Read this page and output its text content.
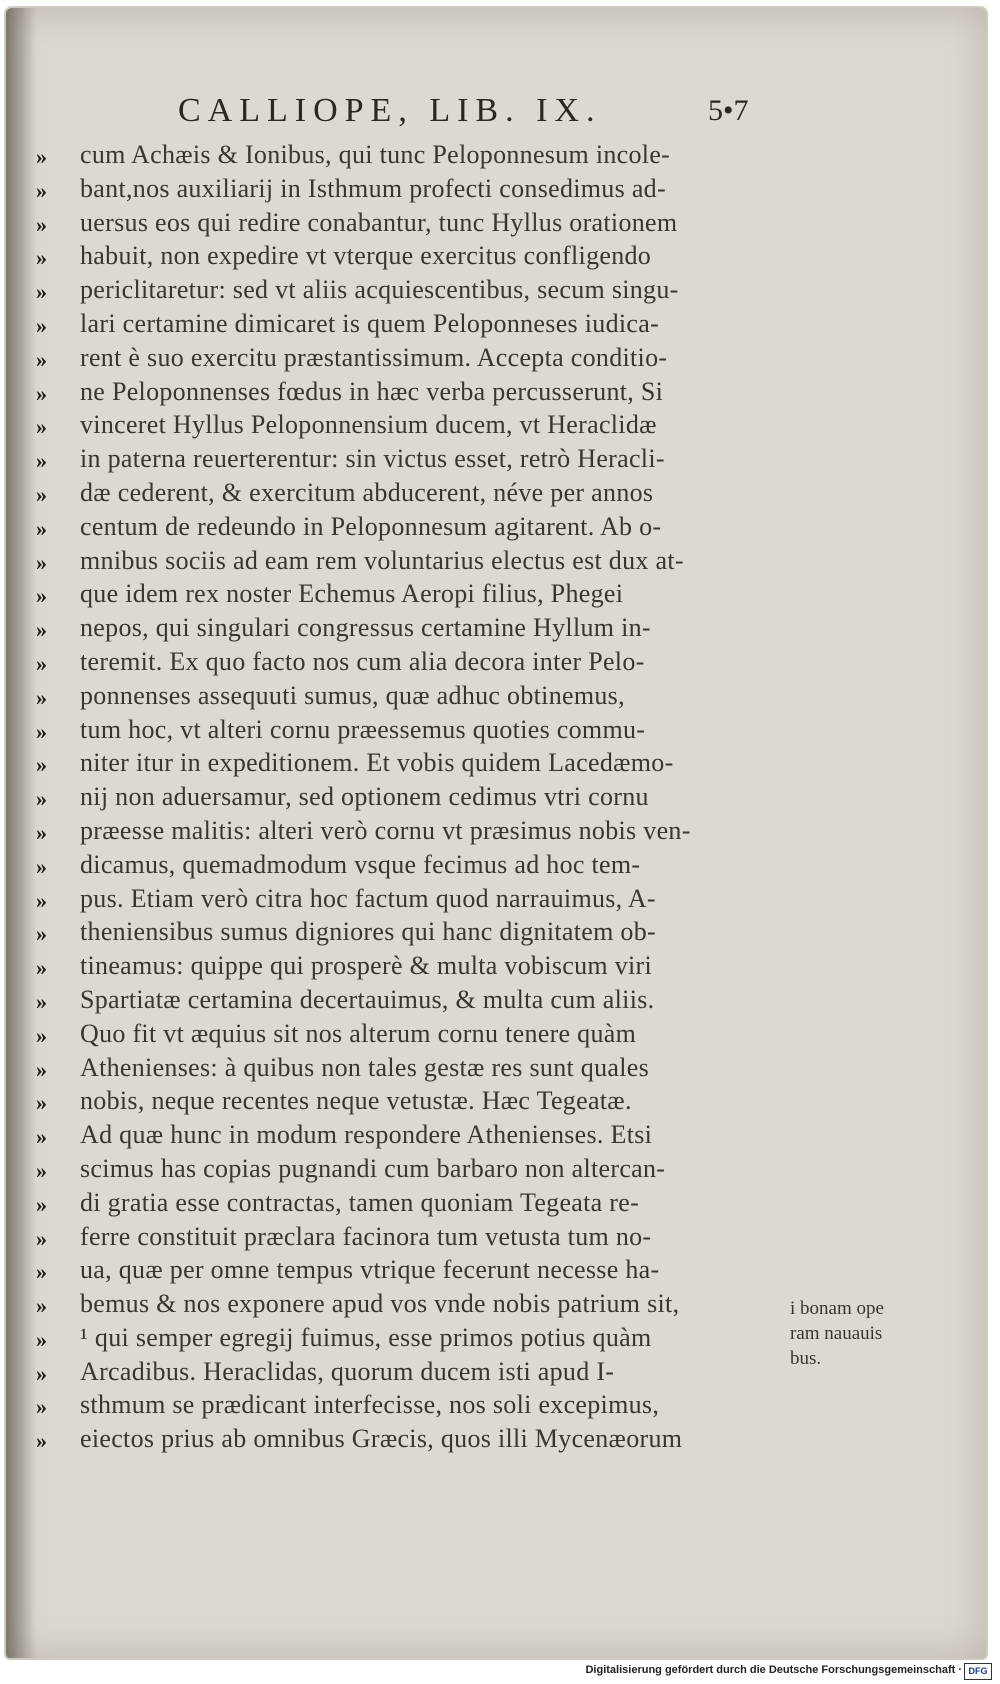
CALLIOPE, LIB. IX.	5•7
»	cum Achæis & Ionibus, qui tunc Peloponnesum incole-
»	bant,nos auxiliarij in Isthmum profecti consedimus ad-
»	uersus eos qui redire conabantur, tunc Hyllus orationem
»	habuit, non expedire vt vterque exercitus confligendo
»	periclitaretur: sed vt aliis acquiescentibus, secum singu-
»	lari certamine dimicaret is quem Peloponneses iudica-
»	rent è suo exercitu præstantissimum. Accepta conditio-
»	ne Peloponnenses fœdus in hæc verba percusserunt, Si
»	vinceret Hyllus Peloponnensium ducem, vt Heraclidæ
»	in paterna reuerterentur: sin victus esset, retrò Heracli-
»	dæ cederent, & exercitum abducerent, néve per annos
»	centum de redeundo in Peloponnesum agitarent. Ab o-
»	mnibus sociis ad eam rem voluntarius electus est dux at-
»	que idem rex noster Echemus Aeropi filius, Phegei
»	nepos, qui singulari congressus certamine Hyllum in-
»	teremit. Ex quo facto nos cum alia decora inter Pelo-
»	ponnenses assequuti sumus, quæ adhuc obtinemus,
»	tum hoc, vt alteri cornu præessemus quoties commu-
»	niter itur in expeditionem. Et vobis quidem Lacedæmo-
»	nij non aduersamur, sed optionem cedimus vtri cornu
»	præesse malitis: alteri verò cornu vt præsimus nobis ven-
»	dicamus, quemadmodum vsque fecimus ad hoc tem-
»	pus. Etiam verò citra hoc factum quod narrauimus, A-
»	theniensibus sumus digniores qui hanc dignitatem ob-
»	tineamus: quippe qui prosperè & multa vobiscum viri
»	Spartiatæ certamina decertauimus, & multa cum aliis.
»	Quo fit vt æquius sit nos alterum cornu tenere quàm
»	Athenienses: à quibus non tales gestæ res sunt quales
»	nobis, neque recentes neque vetustæ. Hæc Tegeatæ.
»	Ad quæ hunc in modum respondere Athenienses. Etsi
»	scimus has copias pugnandi cum barbaro non altercan-
»	di gratia esse contractas, tamen quoniam Tegeata re-
»	ferre constituit præclara facinora tum vetusta tum no-
»	ua, quæ per omne tempus vtrique fecerunt necesse ha-
»	bemus & nos exponere apud vos vnde nobis patrium sit,
»	¹ qui semper egregij fuimus, esse primos potius quàm
»	Arcadibus. Heraclidas, quorum ducem isti apud I-
»	sthmum se prædicant interfecisse, nos soli excepimus,
»	eiectos prius ab omnibus Græcis, quos illi Mycenæorum
i bonam ope
ram nauauis
bus.
Digitalisierung gefördert durch die Deutsche Forschungsgemeinschaft · DFG
